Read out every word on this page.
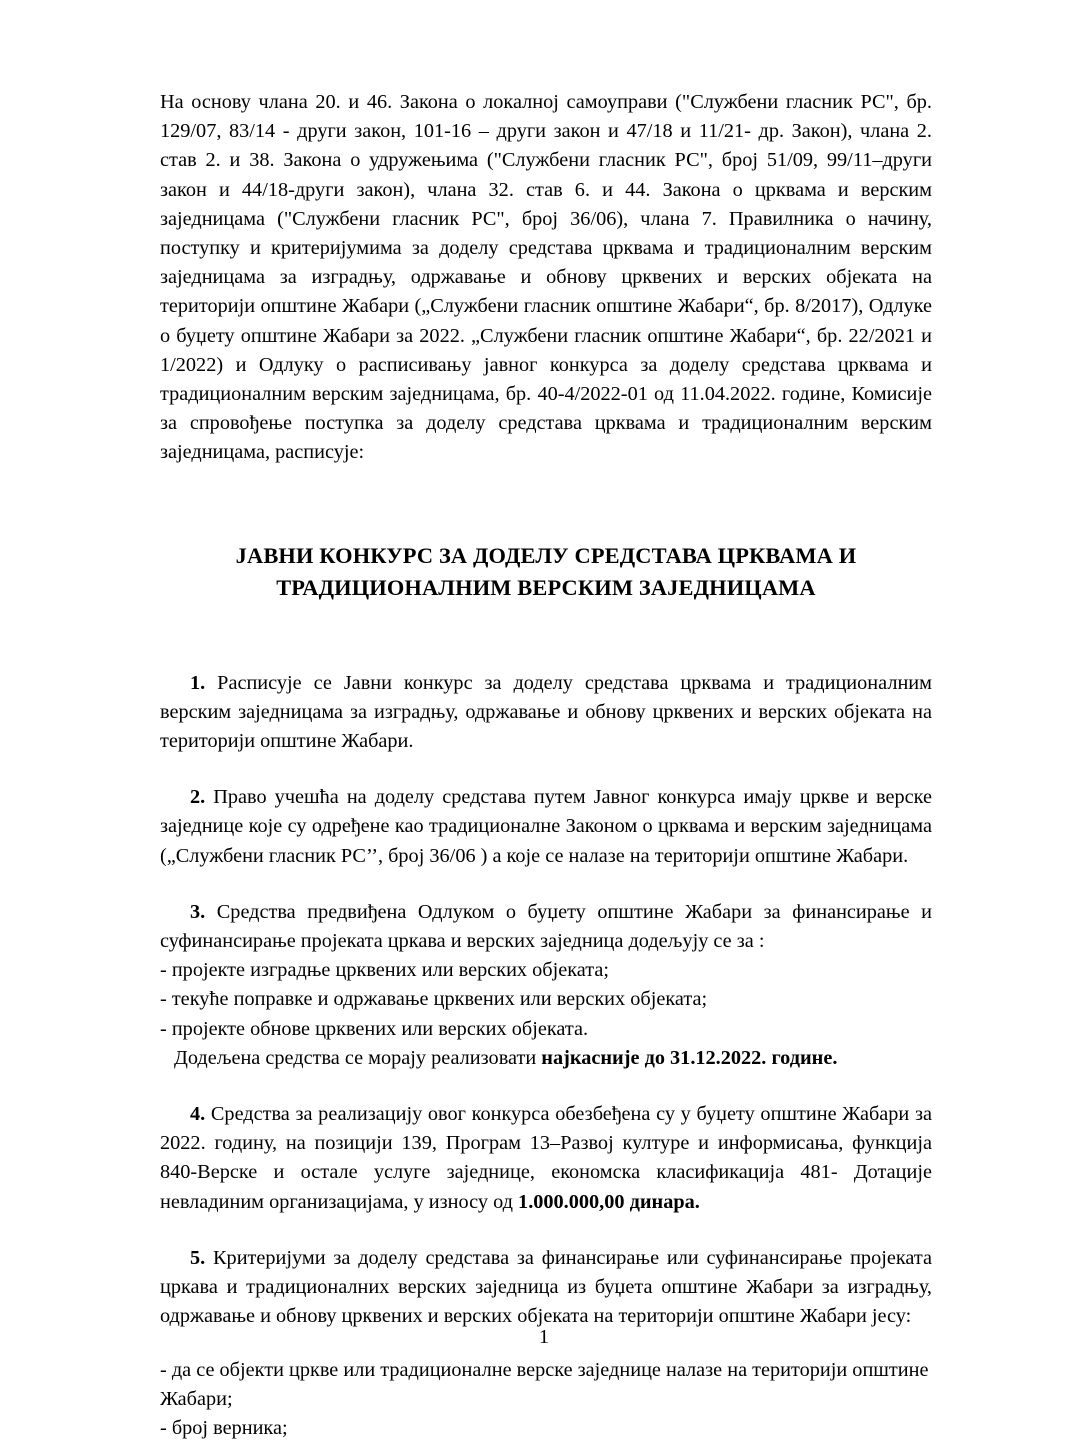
На основу члана 20. и 46. Закона о локалној самоуправи ("Службени гласник РС", бр. 129/07, 83/14 - други закон, 101-16 – други закон и 47/18 и 11/21- др. Закон), члана 2. став 2. и 38. Закона о удружењима ("Службени гласник РС", број 51/09, 99/11–други закон и 44/18-други закон), члана 32. став 6. и 44. Закона о црквама и верским заједницама ("Службени гласник РС", број 36/06), члана 7. Правилника о начину, поступку и критеријумима за доделу средстава црквама и традиционалним верским заједницама за изградњу, одржавање и обнову црквених и верских објеката на територији општине Жабари („Службени гласник општине Жабари“, бр. 8/2017), Одлуке о буџету општине Жабари за 2022. „Службени гласник општине Жабари“, бр. 22/2021 и 1/2022) и Одлуку о расписивању јавног конкурса за доделу средстава црквама и традиционалним верским заједницама, бр. 40-4/2022-01 од 11.04.2022. године, Комисије за спровођење поступка за доделу средстава црквама и традиционалним верским заједницама, расписује:

ЈАВНИ КОНКУРС ЗА ДОДЕЛУ СРЕДСТАВА ЦРКВАМА И
ТРАДИЦИОНАЛНИМ ВЕРСКИМ ЗАЈЕДНИЦАМА

1. Расписује се Јавни конкурс за доделу средстава црквама и традиционалним верским заједницама за изградњу, одржавање и обнову црквених и верских објеката на територији општине Жабари.

2. Право учешћа на доделу средстава путем Јавног конкурса имају цркве и верске заједнице које су одређене као традиционалне Законом о црквама и верским заједницама („Службени гласник РС’’, број 36/06 ) а које се налазе на територији општине Жабари.

3. Средства предвиђена Одлуком о буџету општине Жабари за финансирање и суфинансирање пројеката цркава и верских заједница додељују се за :

- пројекте изградње црквених или верских објеката;

- текуће поправке и одржавање црквених или верских објеката;

- пројекте обнове црквених или верских објеката.

Додељена средства се морају реализовати најкасније до 31.12.2022. године.

4. Средства за реализацију овог конкурса обезбеђена су у буџету општине Жабари за 2022. годину, на позицији 139, Програм 13–Развој културе и информисања, функција 840-Верске и остале услуге заједнице, економска класификација 481- Дотације невладиним организацијама, у износу од 1.000.000,00 динара.

5. Критеријуми за доделу средстава за финансирање или суфинансирање пројеката цркава и традиционалних верских заједница из буџета општине Жабари за изградњу, одржавање и обнову црквених и верских објеката на територији општине Жабари јесу:

- да се објекти цркве или традиционалне верске заједнице налазе на територији општине Жабари;

- број верника;

1
